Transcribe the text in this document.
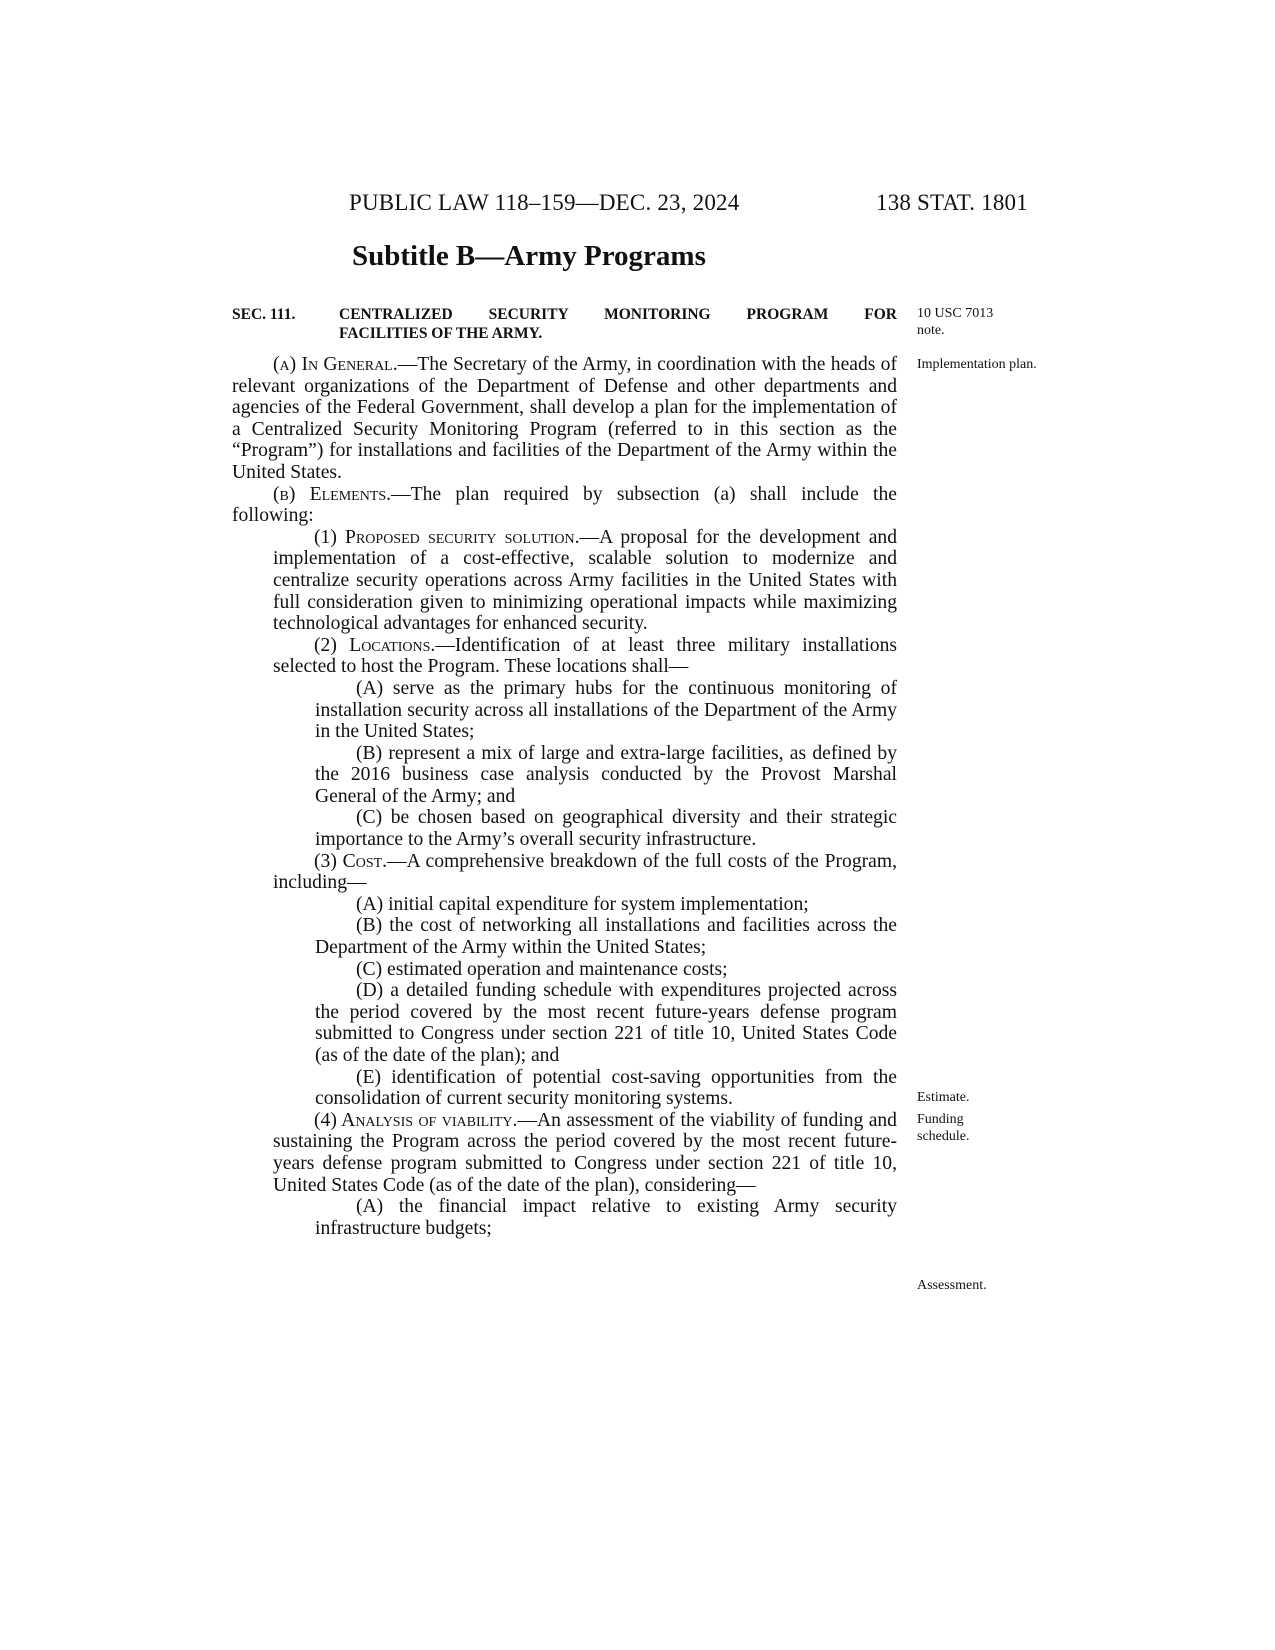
PUBLIC LAW 118–159—DEC. 23, 2024	138 STAT. 1801
Subtitle B—Army Programs
SEC. 111.	CENTRALIZED SECURITY MONITORING PROGRAM FOR
FACILITIES OF THE ARMY.
10 USC 7013 note.
Implementation plan.
Estimate.
Funding schedule.
Assessment.

(a) In General.—The Secretary of the Army, in coordination with the heads of relevant organizations of the Department of Defense and other departments and agencies of the Federal Government, shall develop a plan for the implementation of a Centralized Security Monitoring Program (referred to in this section as the “Program”) for installations and facilities of the Department of the Army within the United States.

(b) Elements.—The plan required by subsection (a) shall include the following:

(1) Proposed security solution.—A proposal for the development and implementation of a cost-effective, scalable solution to modernize and centralize security operations across Army facilities in the United States with full consideration given to minimizing operational impacts while maximizing technological advantages for enhanced security.

(2) Locations.—Identification of at least three military installations selected to host the Program. These locations shall—

(A) serve as the primary hubs for the continuous monitoring of installation security across all installations of the Department of the Army in the United States;

(B) represent a mix of large and extra-large facilities, as defined by the 2016 business case analysis conducted by the Provost Marshal General of the Army; and

(C) be chosen based on geographical diversity and their strategic importance to the Army’s overall security infrastructure.

(3) Cost.—A comprehensive breakdown of the full costs of the Program, including—

(A) initial capital expenditure for system implementation;

(B) the cost of networking all installations and facilities across the Department of the Army within the United States;

(C) estimated operation and maintenance costs;

(D) a detailed funding schedule with expenditures projected across the period covered by the most recent future-years defense program submitted to Congress under section 221 of title 10, United States Code (as of the date of the plan); and

(E) identification of potential cost-saving opportunities from the consolidation of current security monitoring systems.

(4) Analysis of viability.—An assessment of the viability of funding and sustaining the Program across the period covered by the most recent future-years defense program submitted to Congress under section 221 of title 10, United States Code (as of the date of the plan), considering—

(A) the financial impact relative to existing Army security infrastructure budgets;
